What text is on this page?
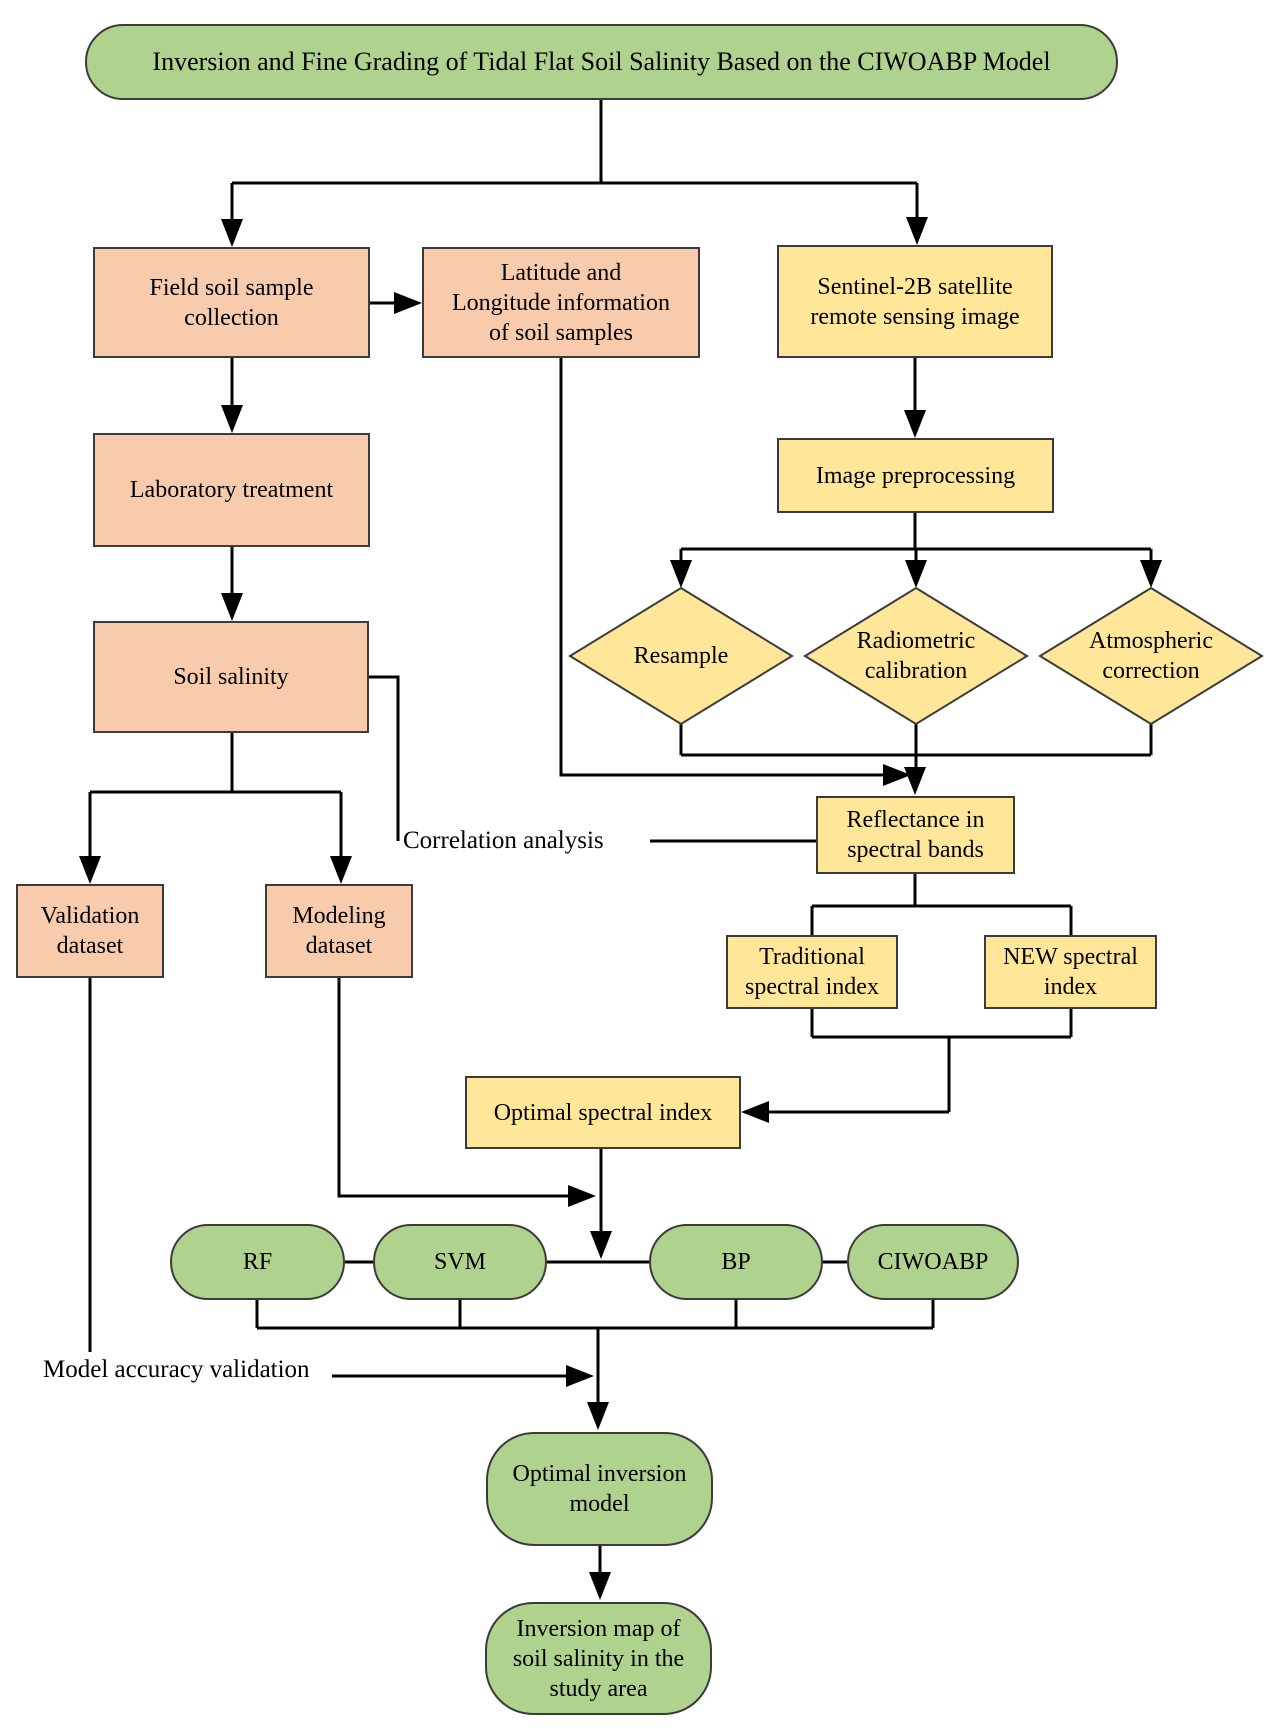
Inversion and Fine Grading of Tidal Flat Soil Salinity Based on the CIWOABP Model
Field soil sample
collection
Latitude and
Longitude information
of soil samples
Sentinel-2B satellite
remote sensing image
Laboratory treatment
Image preprocessing
Soil salinity
Resample
Radiometric
calibration
Atmospheric
correction
Reflectance in
spectral bands
Validation
dataset
Modeling
dataset	Traditional
spectral index
NEW spectral
index
Optimal spectral index
RF	SVM	BP	CIWOABP
Optimal inversion
model
Inversion map of
soil salinity in the
study area
Correlation analysis
Model accuracy validation
